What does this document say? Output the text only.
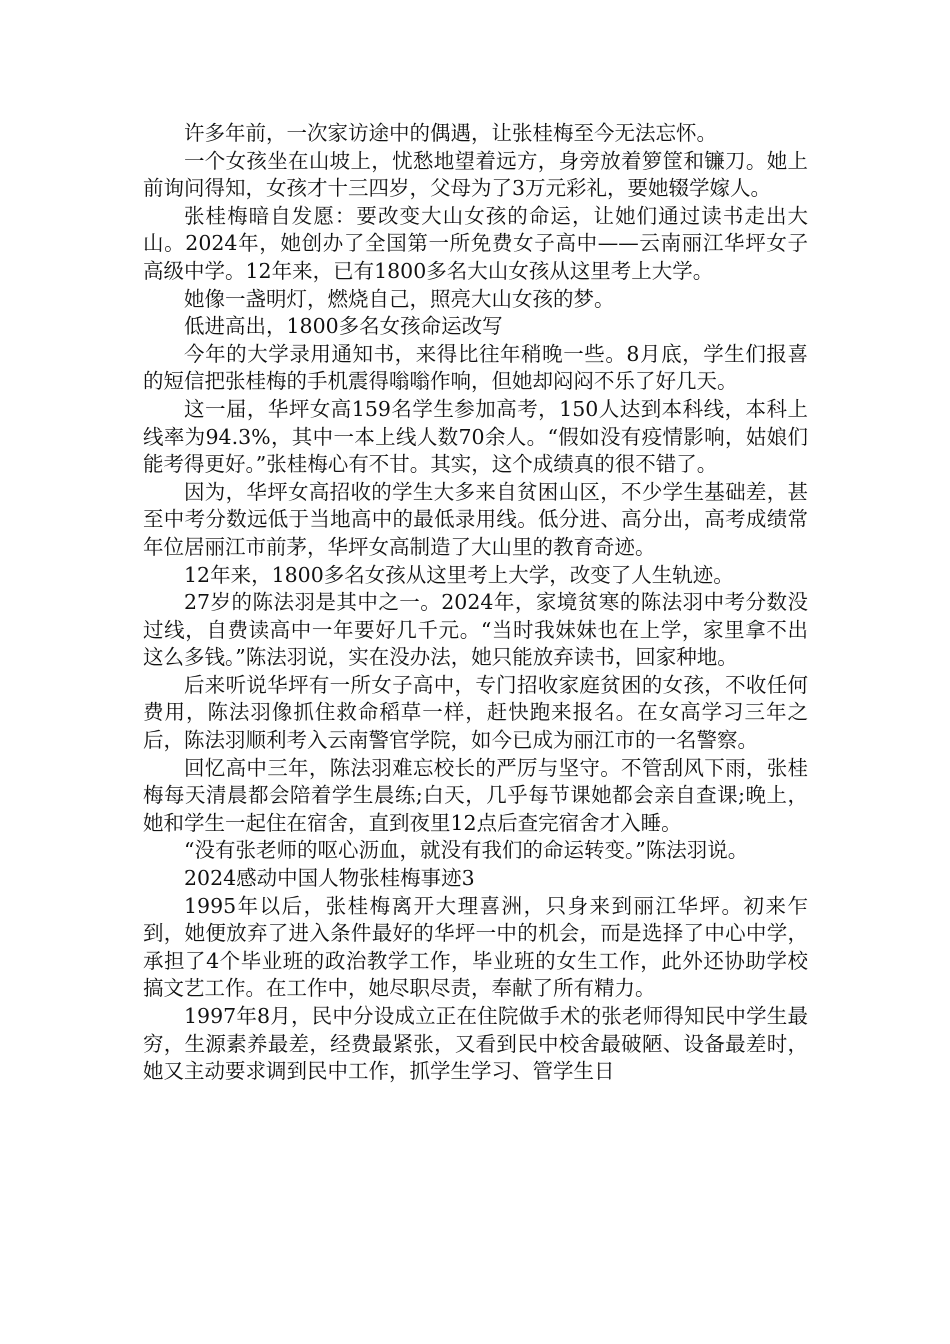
许多年前，一次家访途中的偶遇，让张桂梅至今无法忘怀。

一个女孩坐在山坡上，忧愁地望着远方，身旁放着箩筐和镰刀。她上前询问得知，女孩才十三四岁，父母为了3万元彩礼，要她辍学嫁人。

张桂梅暗自发愿：要改变大山女孩的命运，让她们通过读书走出大山。2024年，她创办了全国第一所免费女子高中——云南丽江华坪女子高级中学。12年来，已有1800多名大山女孩从这里考上大学。

她像一盏明灯，燃烧自己，照亮大山女孩的梦。

低进高出，1800多名女孩命运改写

今年的大学录用通知书，来得比往年稍晚一些。8月底，学生们报喜的短信把张桂梅的手机震得嗡嗡作响，但她却闷闷不乐了好几天。

这一届，华坪女高159名学生参加高考，150人达到本科线，本科上线率为94.3%，其中一本上线人数70余人。“假如没有疫情影响，姑娘们能考得更好。”张桂梅心有不甘。其实，这个成绩真的很不错了。

因为，华坪女高招收的学生大多来自贫困山区，不少学生基础差，甚至中考分数远低于当地高中的最低录用线。低分进、高分出，高考成绩常年位居丽江市前茅，华坪女高制造了大山里的教育奇迹。

12年来，1800多名女孩从这里考上大学，改变了人生轨迹。

27岁的陈法羽是其中之一。2024年，家境贫寒的陈法羽中考分数没过线，自费读高中一年要好几千元。“当时我妹妹也在上学，家里拿不出这么多钱。”陈法羽说，实在没办法，她只能放弃读书，回家种地。

后来听说华坪有一所女子高中，专门招收家庭贫困的女孩，不收任何费用，陈法羽像抓住救命稻草一样，赶快跑来报名。在女高学习三年之后，陈法羽顺利考入云南警官学院，如今已成为丽江市的一名警察。

回忆高中三年，陈法羽难忘校长的严厉与坚守。不管刮风下雨，张桂梅每天清晨都会陪着学生晨练;白天，几乎每节课她都会亲自查课;晚上，她和学生一起住在宿舍，直到夜里12点后查完宿舍才入睡。

“没有张老师的呕心沥血，就没有我们的命运转变。”陈法羽说。

2024感动中国人物张桂梅事迹3

1995年以后，张桂梅离开大理喜洲，只身来到丽江华坪。初来乍到，她便放弃了进入条件最好的华坪一中的机会，而是选择了中心中学，承担了4个毕业班的政治教学工作，毕业班的女生工作，此外还协助学校搞文艺工作。在工作中，她尽职尽责，奉献了所有精力。

1997年8月，民中分设成立正在住院做手术的张老师得知民中学生最穷，生源素养最差，经费最紧张，又看到民中校舍最破陋、设备最差时，她又主动要求调到民中工作，抓学生学习、管学生日
